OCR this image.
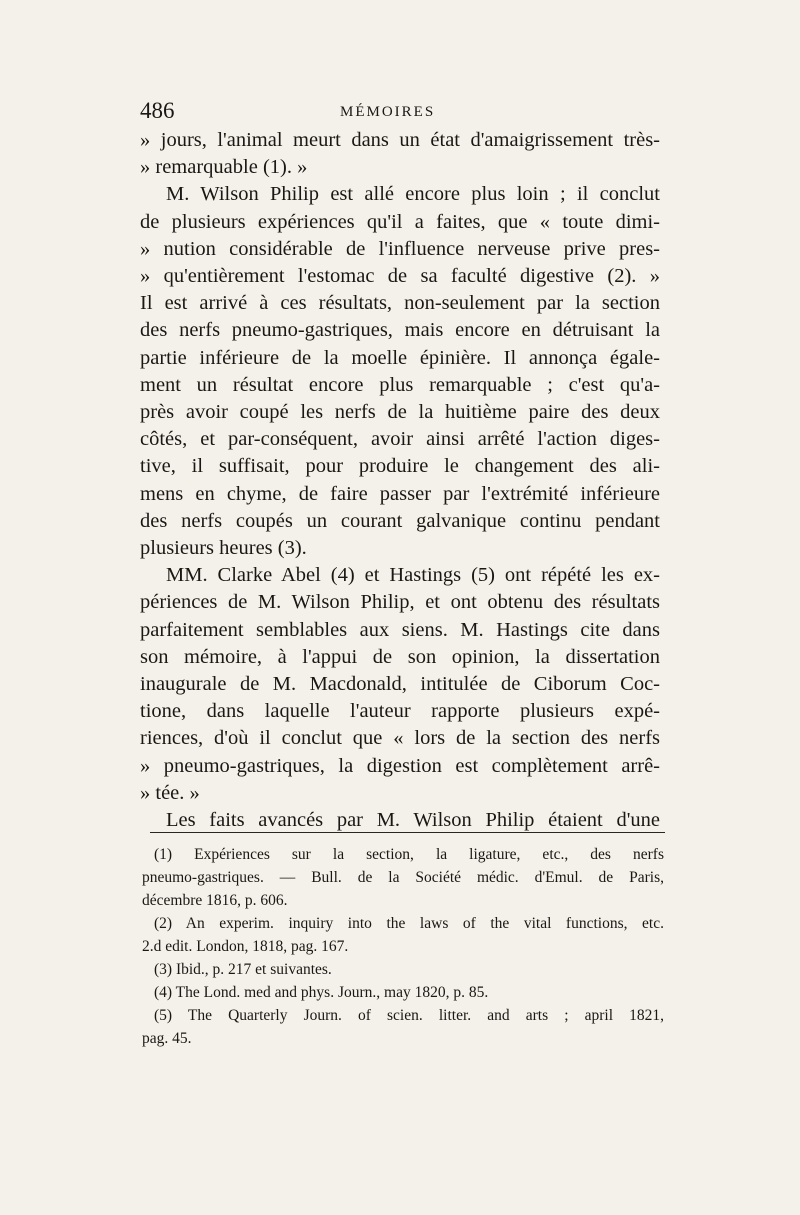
486	MÉMOIRES

» jours, l'animal meurt dans un état d'amaigrissement très-

» remarquable (1). »

M. Wilson Philip est allé encore plus loin ; il conclut

de plusieurs expériences qu'il a faites, que « toute dimi-

» nution considérable de l'influence nerveuse prive pres-

» qu'entièrement l'estomac de sa faculté digestive (2). »

Il est arrivé à ces résultats, non-seulement par la section

des nerfs pneumo-gastriques, mais encore en détruisant la

partie inférieure de la moelle épinière. Il annonça égale-

ment un résultat encore plus remarquable ; c'est qu'a-

près avoir coupé les nerfs de la huitième paire des deux

côtés, et par-conséquent, avoir ainsi arrêté l'action diges-

tive, il suffisait, pour produire le changement des ali-

mens en chyme, de faire passer par l'extrémité inférieure

des nerfs coupés un courant galvanique continu pendant

plusieurs heures (3).

MM. Clarke Abel (4) et Hastings (5) ont répété les ex-

périences de M. Wilson Philip, et ont obtenu des résultats

parfaitement semblables aux siens. M. Hastings cite dans

son mémoire, à l'appui de son opinion, la dissertation

inaugurale de M. Macdonald, intitulée de Ciborum Coc-

tione, dans laquelle l'auteur rapporte plusieurs expé-

riences, d'où il conclut que « lors de la section des nerfs

» pneumo-gastriques, la digestion est complètement arrê-

» tée. »

Les faits avancés par M. Wilson Philip étaient d'une

(1) Expériences sur la section, la ligature, etc., des nerfs

pneumo-gastriques. — Bull. de la Société médic. d'Emul. de Paris,

décembre 1816, p. 606.

(2) An experim. inquiry into the laws of the vital functions, etc.

2.d edit. London, 1818, pag. 167.

(3) Ibid., p. 217 et suivantes.

(4) The Lond. med and phys. Journ., may 1820, p. 85.

(5) The Quarterly Journ. of scien. litter. and arts ; april 1821,

pag. 45.
